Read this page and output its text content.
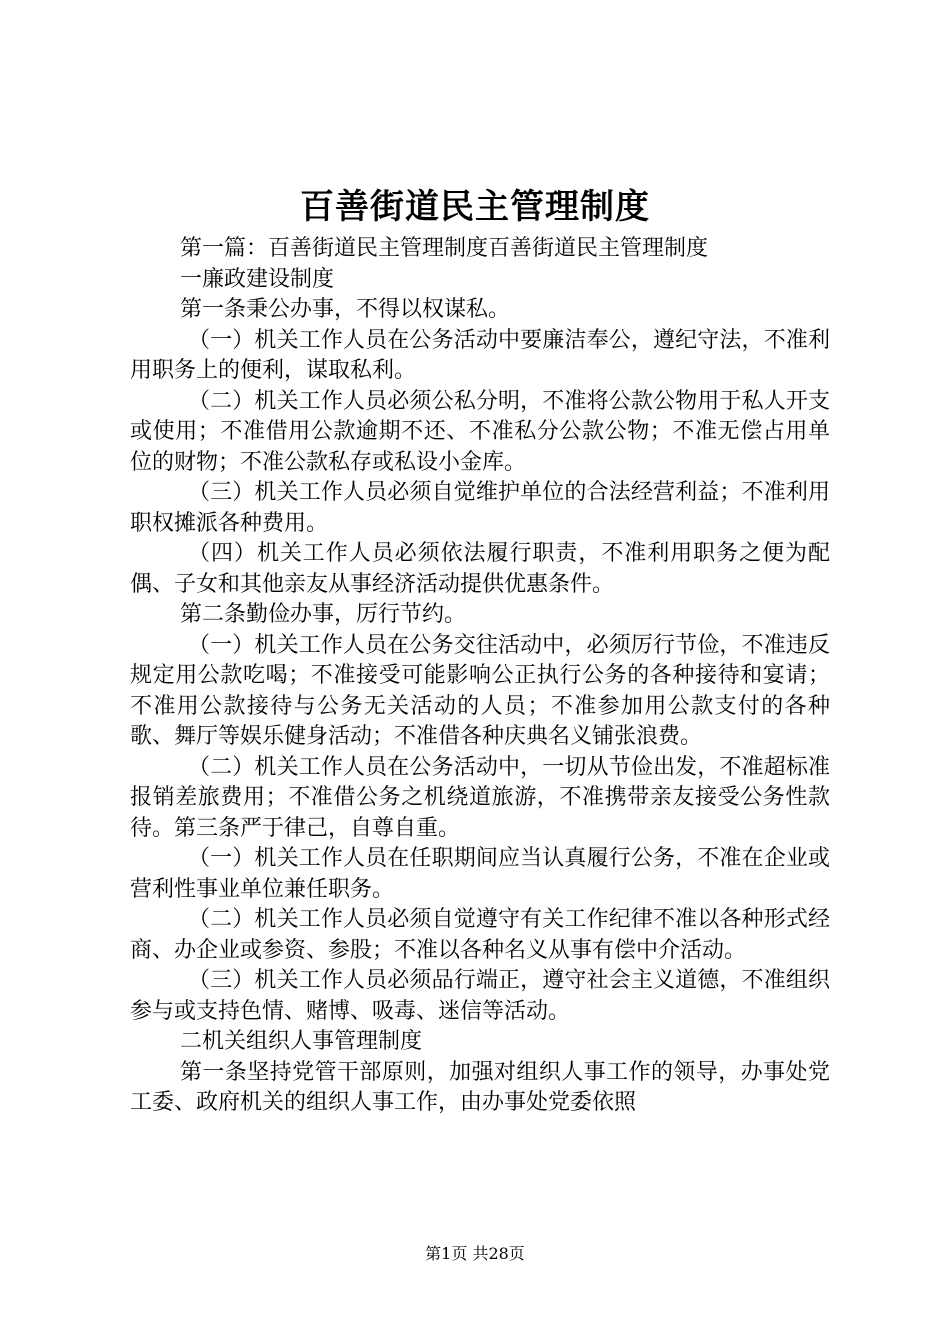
百善街道民主管理制度

第一篇：百善街道民主管理制度百善街道民主管理制度

一廉政建设制度

第一条秉公办事，不得以权谋私。

（一）机关工作人员在公务活动中要廉洁奉公，遵纪守法，不准利用职务上的便利，谋取私利。

（二）机关工作人员必须公私分明，不准将公款公物用于私人开支或使用；不准借用公款逾期不还、不准私分公款公物；不准无偿占用单位的财物；不准公款私存或私设小金库。

（三）机关工作人员必须自觉维护单位的合法经营利益；不准利用职权摊派各种费用。

（四）机关工作人员必须依法履行职责，不准利用职务之便为配偶、子女和其他亲友从事经济活动提供优惠条件。

第二条勤俭办事，厉行节约。

（一）机关工作人员在公务交往活动中，必须厉行节俭，不准违反规定用公款吃喝；不准接受可能影响公正执行公务的各种接待和宴请；不准用公款接待与公务无关活动的人员；不准参加用公款支付的各种歌、舞厅等娱乐健身活动；不准借各种庆典名义铺张浪费。

（二）机关工作人员在公务活动中，一切从节俭出发，不准超标准报销差旅费用；不准借公务之机绕道旅游，不准携带亲友接受公务性款待。第三条严于律己，自尊自重。

（一）机关工作人员在任职期间应当认真履行公务，不准在企业或营利性事业单位兼任职务。

（二）机关工作人员必须自觉遵守有关工作纪律不准以各种形式经商、办企业或参资、参股；不准以各种名义从事有偿中介活动。

（三）机关工作人员必须品行端正，遵守社会主义道德，不准组织参与或支持色情、赌博、吸毒、迷信等活动。

二机关组织人事管理制度

第一条坚持党管干部原则，加强对组织人事工作的领导，办事处党工委、政府机关的组织人事工作，由办事处党委依照

第1页 共28页
